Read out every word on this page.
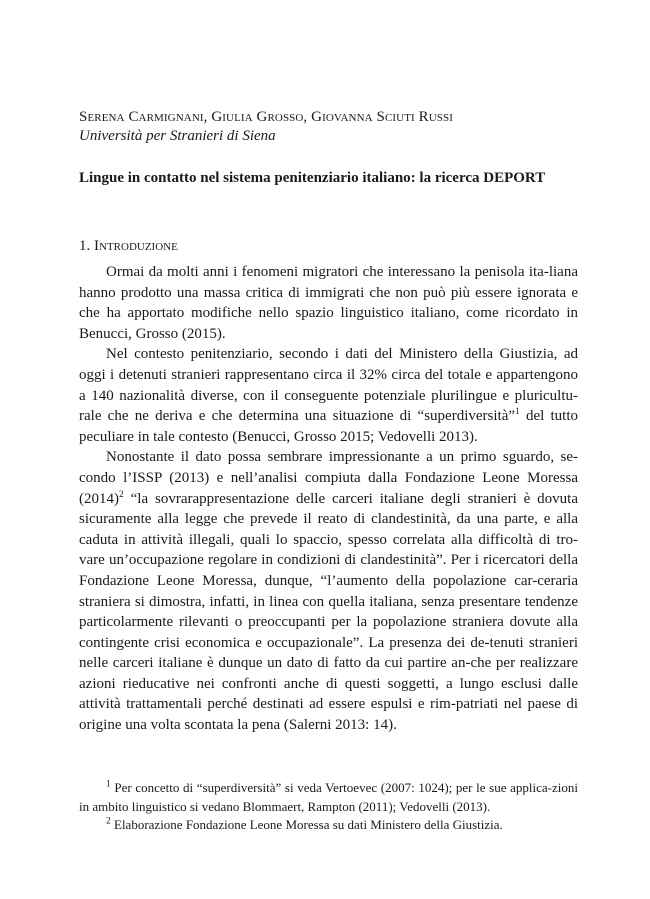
Serena Carmignani, Giulia Grosso, Giovanna Sciuti Russi
Università per Stranieri di Siena
Lingue in contatto nel sistema penitenziario italiano: la ricerca DEPORT
1. Introduzione

Ormai da molti anni i fenomeni migratori che interessano la penisola ita-liana hanno prodotto una massa critica di immigrati che non può più essere ignorata e che ha apportato modifiche nello spazio linguistico italiano, come ricordato in Benucci, Grosso (2015).

Nel contesto penitenziario, secondo i dati del Ministero della Giustizia, ad oggi i detenuti stranieri rappresentano circa il 32% circa del totale e appartengono a 140 nazionalità diverse, con il conseguente potenziale plurilingue e pluricultu-rale che ne deriva e che determina una situazione di “superdiversità”$^1$ del tutto peculiare in tale contesto (Benucci, Grosso 2015; Vedovelli 2013).

Nonostante il dato possa sembrare impressionante a un primo sguardo, se-condo l’ISSP (2013) e nell’analisi compiuta dalla Fondazione Leone Moressa $(2014)^2$ “la sovrarappresentazione delle carceri italiane degli stranieri è dovuta sicuramente alla legge che prevede il reato di clandestinità, da una parte, e alla caduta in attività illegali, quali lo spaccio, spesso correlata alla difficoltà di tro-vare un’occupazione regolare in condizioni di clandestinità”. Per i ricercatori della Fondazione Leone Moressa, dunque, “l’aumento della popolazione car-ceraria straniera si dimostra, infatti, in linea con quella italiana, senza presentare tendenze particolarmente rilevanti o preoccupanti per la popolazione straniera dovute alla contingente crisi economica e occupazionale”. La presenza dei de-tenuti stranieri nelle carceri italiane è dunque un dato di fatto da cui partire an-che per realizzare azioni rieducative nei confronti anche di questi soggetti, a lungo esclusi dalle attività trattamentali perché destinati ad essere espulsi e rim-patriati nel paese di origine una volta scontata la pena (Salerni 2013: 14).

$^1$ Per concetto di “superdiversità” si veda Vertoevec (2007: 1024); per le sue applica-zioni in ambito linguistico si vedano Blommaert, Rampton (2011); Vedovelli (2013).

$^2$ Elaborazione Fondazione Leone Moressa su dati Ministero della Giustizia.
